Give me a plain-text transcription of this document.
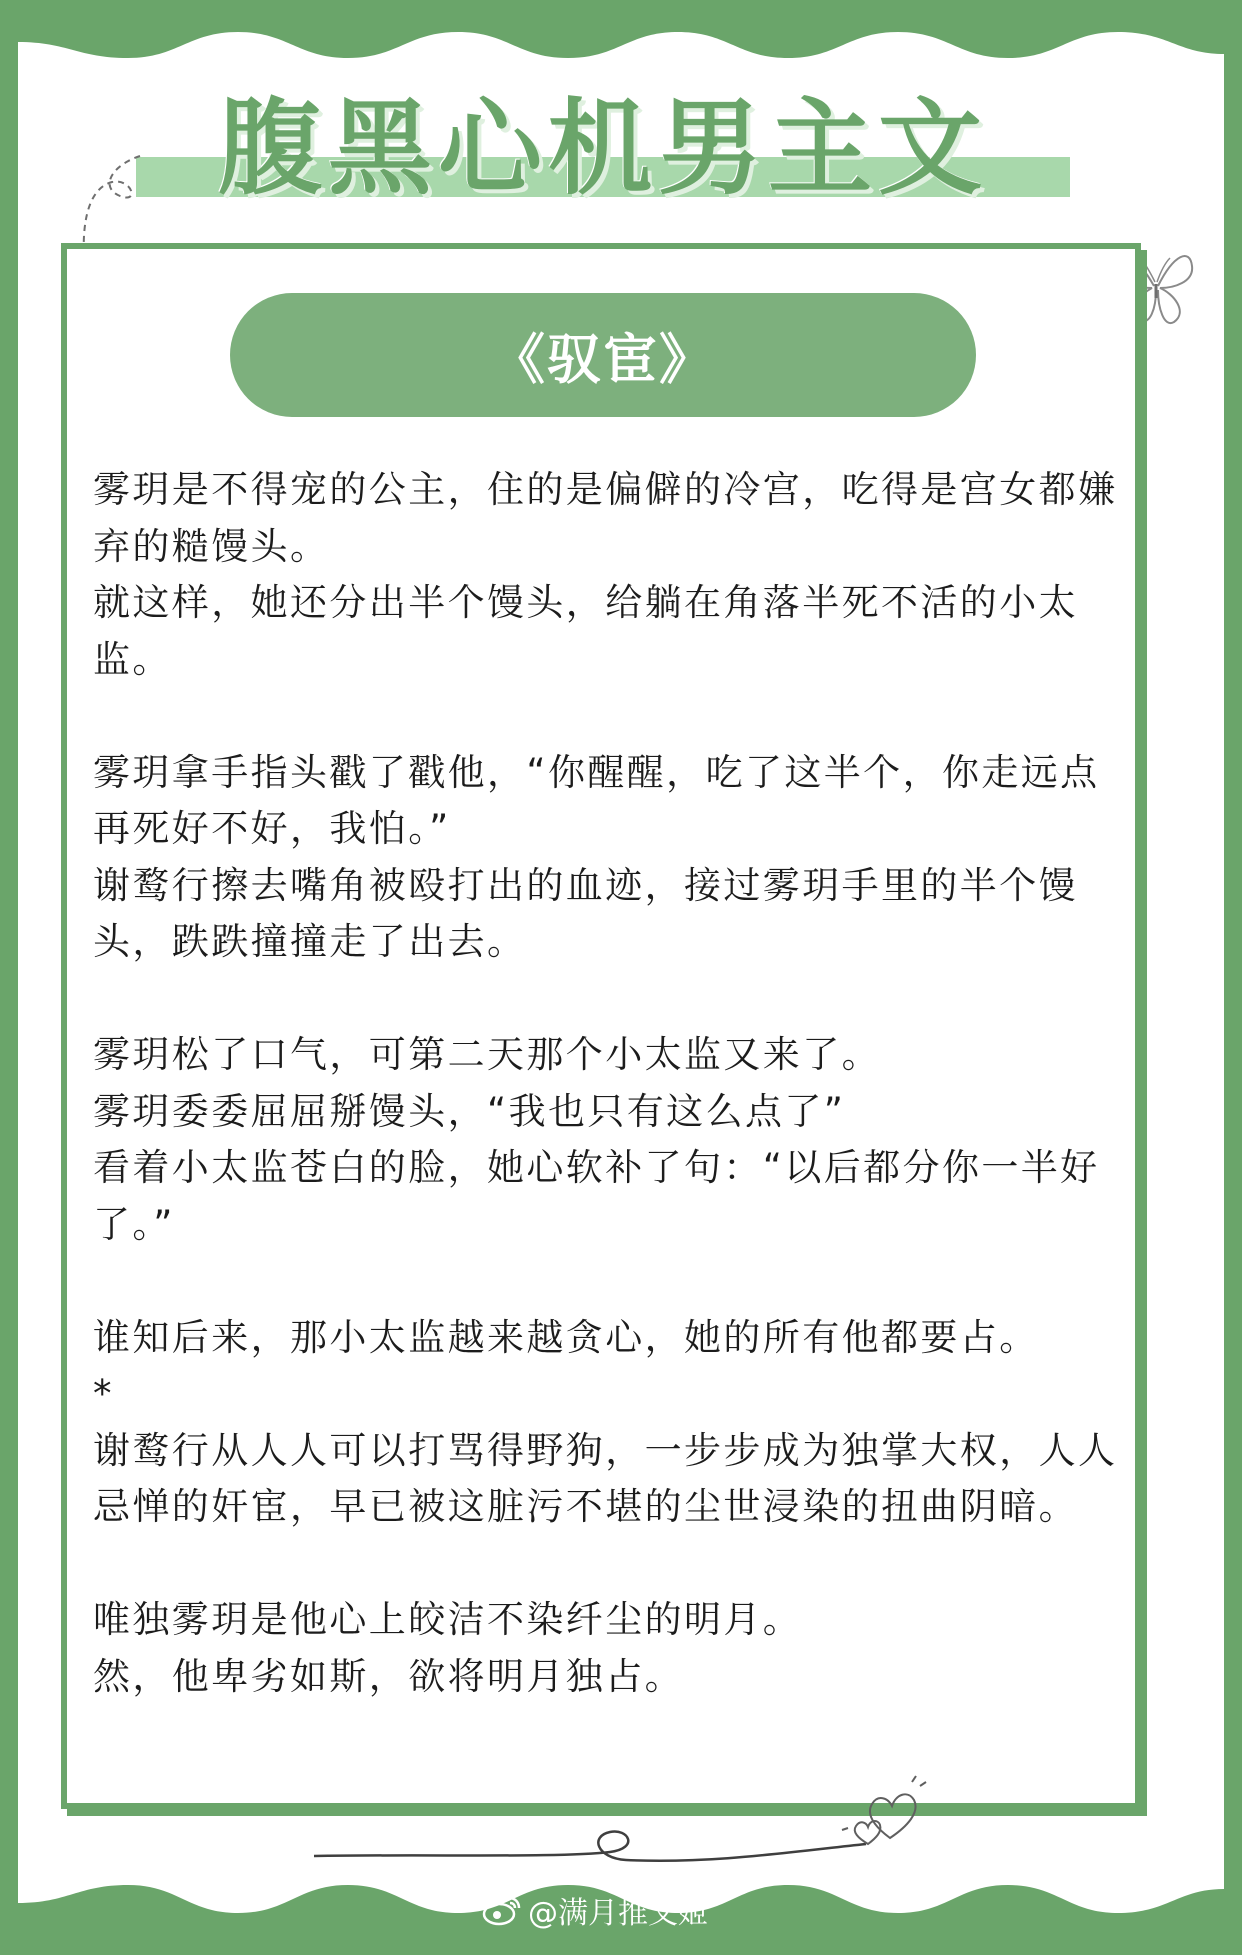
腹黑心机男主文
《驭宦》

雾玥是不得宠的公主，住的是偏僻的冷宫，吃得是宫女都嫌弃的糙馒头。

就这样，她还分出半个馒头，给躺在角落半死不活的小太监。

雾玥拿手指头戳了戳他，“你醒醒，吃了这半个，你走远点再死好不好，我怕。”

谢鹜行擦去嘴角被殴打出的血迹，接过雾玥手里的半个馒头，跌跌撞撞走了出去。

雾玥松了口气，可第二天那个小太监又来了。

雾玥委委屈屈掰馒头，“我也只有这么点了”

看着小太监苍白的脸，她心软补了句：“以后都分你一半好了。”

谁知后来，那小太监越来越贪心，她的所有他都要占。

*

谢鹜行从人人可以打骂得野狗，一步步成为独掌大权，人人忌惮的奸宦，早已被这脏污不堪的尘世浸染的扭曲阴暗。

唯独雾玥是他心上皎洁不染纤尘的明月。

然，他卑劣如斯，欲将明月独占。

@满月推文姬
